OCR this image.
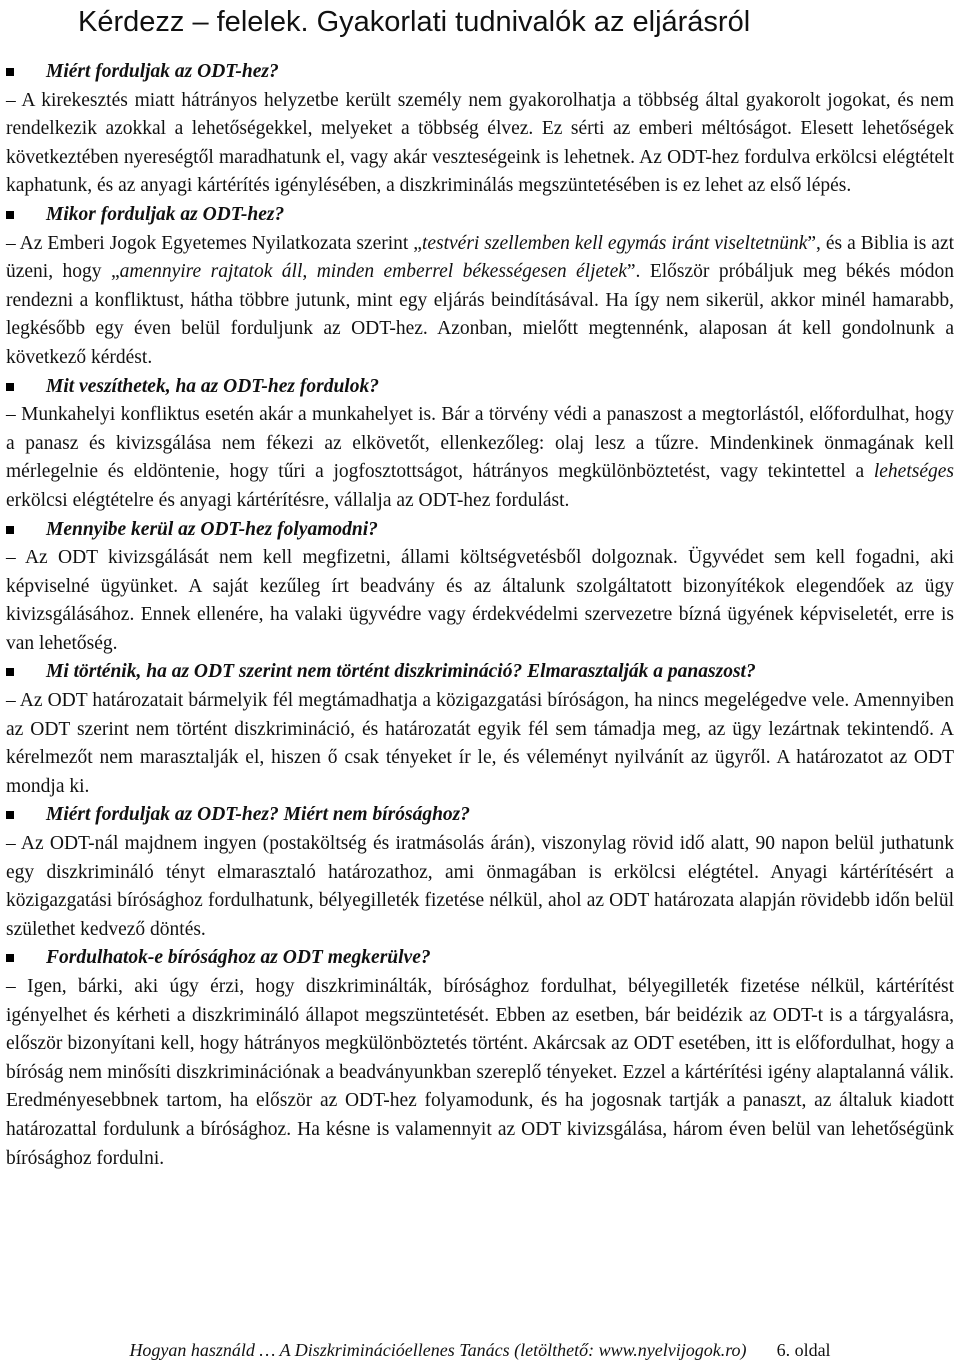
Kérdezz – felelek. Gyakorlati tudnivalók az eljárásról

Miért forduljak az ODT-hez?

– A kirekesztés miatt hátrányos helyzetbe került személy nem gyakorolhatja a többség által gyakorolt jogokat, és nem rendelkezik azokkal a lehetőségekkel, melyeket a többség élvez. Ez sérti az emberi méltóságot. Elesett lehetőségek következtében nyereségtől maradhatunk el, vagy akár veszteségeink is lehetnek. Az ODT-hez fordulva erkölcsi elégtételt kaphatunk, és az anyagi kártérítés igénylésében, a diszkriminálás megszüntetésében is ez lehet az első lépés.

Mikor forduljak az ODT-hez?

– Az Emberi Jogok Egyetemes Nyilatkozata szerint „testvéri szellemben kell egymás iránt viseltetnünk”, és a Biblia is azt üzeni, hogy „amennyire rajtatok áll, minden emberrel békességesen éljetek”. Először próbáljuk meg békés módon rendezni a konfliktust, hátha többre jutunk, mint egy eljárás beindításával. Ha így nem sikerül, akkor minél hamarabb, legkésőbb egy éven belül forduljunk az ODT-hez. Azonban, mielőtt megtennénk, alaposan át kell gondolnunk a következő kérdést.

Mit veszíthetek, ha az ODT-hez fordulok?

– Munkahelyi konfliktus esetén akár a munkahelyet is. Bár a törvény védi a panaszost a megtorlástól, előfordulhat, hogy a panasz és kivizsgálása nem fékezi az elkövetőt, ellenkezőleg: olaj lesz a tűzre. Mindenkinek önmagának kell mérlegelnie és eldöntenie, hogy tűri a jogfosztottságot, hátrányos megkülönböztetést, vagy tekintettel a lehetséges erkölcsi elégtételre és anyagi kártérítésre, vállalja az ODT-hez fordulást.

Mennyibe kerül az ODT-hez folyamodni?

– Az ODT kivizsgálását nem kell megfizetni, állami költségvetésből dolgoznak. Ügyvédet sem kell fogadni, aki képviselné ügyünket. A saját kezűleg írt beadvány és az általunk szolgáltatott bizonyítékok elegendőek az ügy kivizsgálásához. Ennek ellenére, ha valaki ügyvédre vagy érdekvédelmi szervezetre bízná ügyének képviseletét, erre is van lehetőség.

Mi történik, ha az ODT szerint nem történt diszkrimináció? Elmarasztalják a panaszost?

– Az ODT határozatait bármelyik fél megtámadhatja a közigazgatási bíróságon, ha nincs megelégedve vele. Amennyiben az ODT szerint nem történt diszkrimináció, és határozatát egyik fél sem támadja meg, az ügy lezártnak tekintendő. A kérelmezőt nem marasztalják el, hiszen ő csak tényeket ír le, és véleményt nyilvánít az ügyről. A határozatot az ODT mondja ki.

Miért forduljak az ODT-hez? Miért nem bírósághoz?

– Az ODT-nál majdnem ingyen (postaköltség és iratmásolás árán), viszonylag rövid idő alatt, 90 napon belül juthatunk egy diszkrimináló tényt elmarasztaló határozathoz, ami önmagában is erkölcsi elégtétel. Anyagi kártérítésért a közigazgatási bírósághoz fordulhatunk, bélyegilleték fizetése nélkül, ahol az ODT határozata alapján rövidebb időn belül születhet kedvező döntés.

Fordulhatok-e bírósághoz az ODT megkerülve?

– Igen, bárki, aki úgy érzi, hogy diszkriminálták, bírósághoz fordulhat, bélyegilleték fizetése nélkül, kártérítést igényelhet és kérheti a diszkrimináló állapot megszüntetését. Ebben az esetben, bár beidézik az ODT-t is a tárgyalásra, először bizonyítani kell, hogy hátrányos megkülönböztetés történt. Akárcsak az ODT esetében, itt is előfordulhat, hogy a bíróság nem minősíti diszkriminációnak a beadványunkban szereplő tényeket. Ezzel a kártérítési igény alaptalanná válik. Eredményesebbnek tartom, ha először az ODT-hez folyamodunk, és ha jogosnak tartják a panaszt, az általuk kiadott határozattal fordulunk a bírósághoz. Ha késne is valamennyit az ODT kivizsgálása, három éven belül van lehetőségünk bírósághoz fordulni.

Hogyan használd … A Diszkriminációellenes Tanács (letölthető: www.nyelvijogok.ro) 6. oldal
